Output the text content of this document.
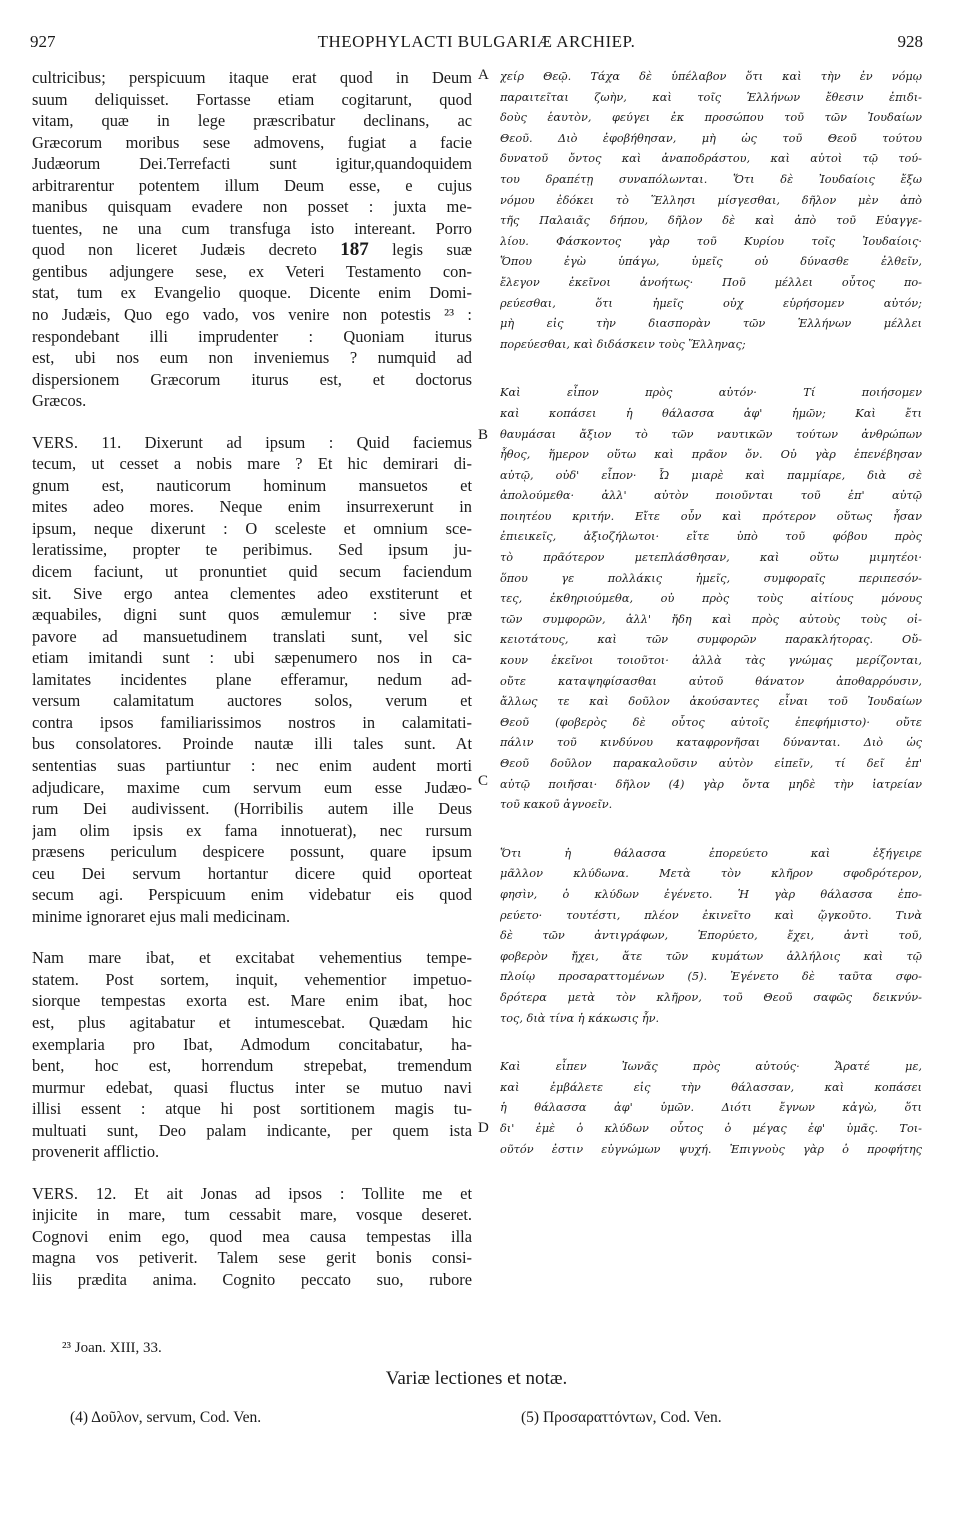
927	THEOPHYLACTI BULGARIÆ ARCHIEP.	928
cultricibus; perspicuum itaque erat quod in Deum
suum deliquisset. Fortasse etiam cogitarunt, quod
vitam, quæ in lege præscribatur declinans, ac
Græcorum moribus sese admovens, fugiat a facie
Judæorum Dei.Terrefacti sunt igitur,quandoquidem
arbitrarentur potentem illum Deum esse, e cujus
manibus quisquam evadere non posset : juxta me-
tuentes, ne una cum transfuga isto intereant. Porro
quod non liceret Judæis decreto 187 legis suæ
gentibus adjungere sese, ex Veteri Testamento con-
stat, tum ex Evangelio quoque. Dicente enim Domi-
no Judæis, Quo ego vado, vos venire non potestis ²³ :
respondebant illi imprudenter : Quoniam iturus
est, ubi nos eum non inveniemus ? numquid ad
dispersionem Græcorum iturus est, et doctorus
Græcos.
VERS. 11. Dixerunt ad ipsum : Quid faciemus
tecum, ut cesset a nobis mare ? Et hic demirari di-
gnum est, nauticorum hominum mansuetos et
mites adeo mores. Neque enim insurrexerunt in
ipsum, neque dixerunt : O sceleste et omnium sce-
leratissime, propter te peribimus. Sed ipsum ju-
dicem faciunt, ut pronuntiet quid secum faciendum
sit. Sive ergo antea clementes adeo exstiterunt et
æquabiles, digni sunt quos æmulemur : sive præ
pavore ad mansuetudinem translati sunt, vel sic
etiam imitandi sunt : ubi sæpenumero nos in ca-
lamitates incidentes plane efferamur, nedum ad-
versum calamitatum auctores solos, verum et
contra ipsos familiarissimos nostros in calamitati-
bus consolatores. Proinde nautæ illi tales sunt. At
sententias suas partiuntur : nec enim audent morti
adjudicare, maxime cum servum eum esse Judæo-
rum Dei audivissent. (Horribilis autem ille Deus
jam olim ipsis ex fama innotuerat), nec rursum
præsens periculum despicere possunt, quare ipsum
ceu Dei servum hortantur dicere quid oporteat
secum agi. Perspicuum enim videbatur eis quod
minime ignoraret ejus mali medicinam.
Nam mare ibat, et excitabat vehementius tempe-
statem. Post sortem, inquit, vehementior impetuo-
siorque tempestas exorta est. Mare enim ibat, hoc
est, plus agitabatur et intumescebat. Quædam hic
exemplaria pro Ibat, Admodum concitabatur, ha-
bent, hoc est, horrendum strepebat, tremendum
murmur edebat, quasi fluctus inter se mutuo navi
illisi essent : atque hi post sortitionem magis tu-
multuati sunt, Deo palam indicante, per quem ista
provenerit afflictio.
VERS. 12. Et ait Jonas ad ipsos : Tollite me et
injicite in mare, tum cessabit mare, vosque deseret.
Cognovi enim ego, quod mea causa tempestas illa
magna vos petiverit. Talem sese gerit bonis consi-
liis prædita anima. Cognito peccato suo, rubore
χείρ Θεῷ. Τάχα δὲ ὑπέλαβον ὅτι καὶ τὴν ἐν νόμῳ
παραιτεῖται ζωὴν, καὶ τοῖς Ἑλλήνων ἔθεσιν ἐπιδι-
δοὺς ἑαυτὸν, φεύγει ἐκ προσώπου τοῦ τῶν Ἰουδαίων
Θεοῦ. Διὸ ἐφοβήθησαν, μὴ ὡς τοῦ Θεοῦ τούτου
δυνατοῦ ὄντος καὶ ἀναποδράστου, καὶ αὐτοὶ τῷ τού-
του δραπέτῃ συναπόλωνται. Ὅτι δὲ Ἰουδαίοις ἔξω
νόμου ἐδόκει τὸ Ἕλλησι μίσγεσθαι, δῆλον μὲν ἀπὸ
τῆς Παλαιᾶς δήπου, δῆλον δὲ καὶ ἀπὸ τοῦ Εὐαγγε-
λίου. Φάσκοντος γὰρ τοῦ Κυρίου τοῖς Ἰουδαίοις·
Ὅπου ἐγὼ ὑπάγω, ὑμεῖς οὐ δύνασθε ἐλθεῖν,
ἔλεγον ἐκεῖνοι ἀνοήτως· Ποῦ μέλλει οὗτος πο-
ρεύεσθαι, ὅτι ἡμεῖς οὐχ εὑρήσομεν αὐτόν;
μὴ εἰς τὴν διασπορὰν τῶν Ἑλλήνων μέλλει
πορεύεσθαι, καὶ διδάσκειν τοὺς Ἕλληνας;
Καὶ εἶπον πρὸς αὐτόν· Τί ποιήσομεν
καὶ κοπάσει ἡ θάλασσα ἀφ' ἡμῶν; Καὶ ἔτι
θαυμάσαι ἄξιον τὸ τῶν ναυτικῶν τούτων ἀνθρώπων
ἦθος, ἥμερον οὕτω καὶ πρᾶον ὄν. Οὐ γὰρ ἐπενέβησαν
αὐτῷ, οὐδ' εἶπον· Ὦ μιαρὲ καὶ παμμίαρε, διὰ σὲ
ἀπολούμεθα· ἀλλ' αὐτὸν ποιοῦνται τοῦ ἐπ' αὐτῷ
ποιητέου κριτήν. Εἴτε οὖν καὶ πρότερον οὕτως ἦσαν
ἐπιεικεῖς, ἀξιοζήλωτοι· εἴτε ὑπὸ τοῦ φόβου πρὸς
τὸ πρᾶότερον μετεπλάσθησαν, καὶ οὕτω μιμητέοι·
ὅπου γε πολλάκις ἡμεῖς, συμφοραῖς περιπεσόν-
τες, ἐκθηριούμεθα, οὐ πρὸς τοὺς αἰτίους μόνους
τῶν συμφορῶν, ἀλλ' ἤδη καὶ πρὸς αὐτοὺς τοὺς οἰ-
κειοτάτους, καὶ τῶν συμφορῶν παρακλήτορας. Οὔ-
κουν ἐκεῖνοι τοιοῦτοι· ἀλλὰ τὰς γνώμας μερίζονται,
οὔτε καταψηφίσασθαι αὐτοῦ θάνατον ἀποθαρρόυσιν,
ἄλλως τε καὶ δοῦλον ἀκούσαντες εἶναι τοῦ Ἰουδαίων
Θεοῦ (φοβερὸς δὲ οὗτος αὐτοῖς ἐπεφήμιστο)· οὔτε
πάλιν τοῦ κινδύνου καταφρονῆσαι δύνανται. Διὸ ὡς
Θεοῦ δοῦλον παρακαλοῦσιν αὐτὸν εἰπεῖν, τί δεῖ ἐπ'
αὐτῷ ποιῆσαι· δῆλον (4) γὰρ ὄντα μηδὲ τὴν ἰατρείαν
τοῦ κακοῦ ἀγνοεῖν.
Ὅτι ἡ θάλασσα ἐπορεύετο καὶ ἐξήγειρε
μᾶλλον κλύδωνα. Μετὰ τὸν κλῆρον σφοδρότερον,
φησὶν, ὁ κλύδων ἐγένετο. Ἡ γὰρ θάλασσα ἐπο-
ρεύετο· τουτέστι, πλέον ἐκινεῖτο καὶ ᾤγκοῦτο. Τινὰ
δὲ τῶν ἀντιγράφων, Ἐπορύετο, ἔχει, ἀντὶ τοῦ,
φοβερὸν ἤχει, ἅτε τῶν κυμάτων ἀλλήλοις καὶ τῷ
πλοίῳ προσαραττομένων (5). Ἐγένετο δὲ ταῦτα σφο-
δρότερα μετὰ τὸν κλῆρον, τοῦ Θεοῦ σαφῶς δεικνύν-
τος, διὰ τίνα ἡ κάκωσις ἦν.
Καὶ εἶπεν Ἰωνᾶς πρὸς αὐτούς· Ἄρατέ με,
καὶ ἐμβάλετε εἰς τὴν θάλασσαν, καὶ κοπάσει
ἡ θάλασσα ἀφ' ὑμῶν. Διότι ἔγνων κἀγὼ, ὅτι
δι' ἐμὲ ὁ κλύδων οὗτος ὁ μέγας ἐφ' ὑμᾶς. Τοι-
οῦτόν ἐστιν εὐγνώμων ψυχή. Ἐπιγνοὺς γὰρ ὁ προφήτης
A
B
C
D
²³ Joan. XIII, 33.
Variæ lectiones et notæ.
(4) Δοῦλον, servum, Cod. Ven.	(5) Προσαραττόντων, Cod. Ven.
